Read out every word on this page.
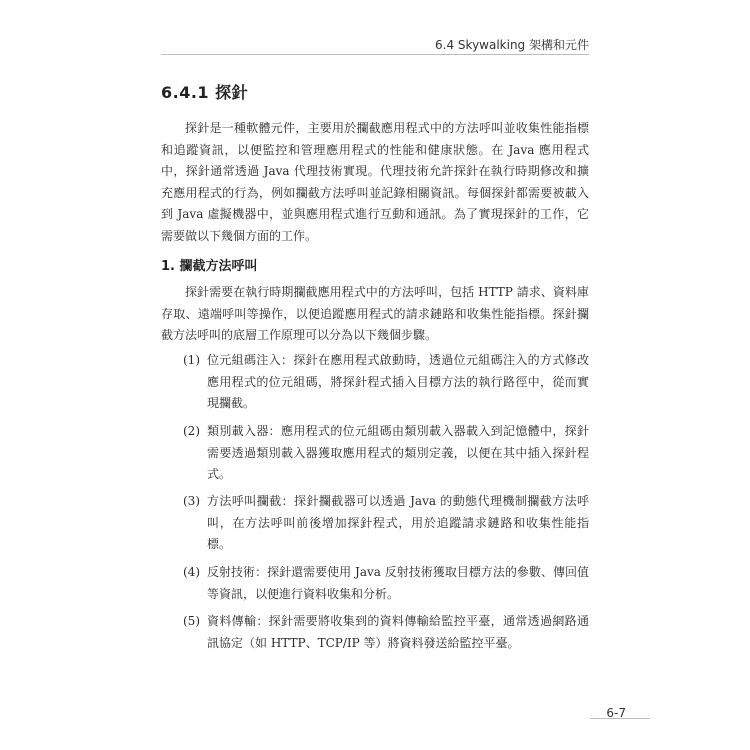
6.4 Skywalking 架構和元件
6.4.1 探針

探針是一種軟體元件，主要用於攔截應用程式中的方法呼叫並收集性能指標和追蹤資訊，以便監控和管理應用程式的性能和健康狀態。在 Java 應用程式中，探針通常透過 Java 代理技術實現。代理技術允許探針在執行時期修改和擴充應用程式的行為，例如攔截方法呼叫並記錄相關資訊。每個探針都需要被載入到 Java 虛擬機器中，並與應用程式進行互動和通訊。為了實現探針的工作，它需要做以下幾個方面的工作。

1. 攔截方法呼叫

探針需要在執行時期攔截應用程式中的方法呼叫，包括 HTTP 請求、資料庫存取、遠端呼叫等操作，以便追蹤應用程式的請求鏈路和收集性能指標。探針攔截方法呼叫的底層工作原理可以分為以下幾個步驟。

(1) 位元組碼注入：探針在應用程式啟動時，透過位元組碼注入的方式修改應用程式的位元組碼，將探針程式插入目標方法的執行路徑中，從而實現攔截。
(2) 類別載入器：應用程式的位元組碼由類別載入器載入到記憶體中，探針需要透過類別載入器獲取應用程式的類別定義，以便在其中插入探針程式。
(3) 方法呼叫攔截：探針攔截器可以透過 Java 的動態代理機制攔截方法呼叫，在方法呼叫前後增加探針程式，用於追蹤請求鏈路和收集性能指標。
(4) 反射技術：探針還需要使用 Java 反射技術獲取目標方法的參數、傳回值等資訊，以便進行資料收集和分析。
(5) 資料傳輸：探針需要將收集到的資料傳輸給監控平臺，通常透過網路通訊協定（如 HTTP、TCP/IP 等）將資料發送給監控平臺。
6-7
